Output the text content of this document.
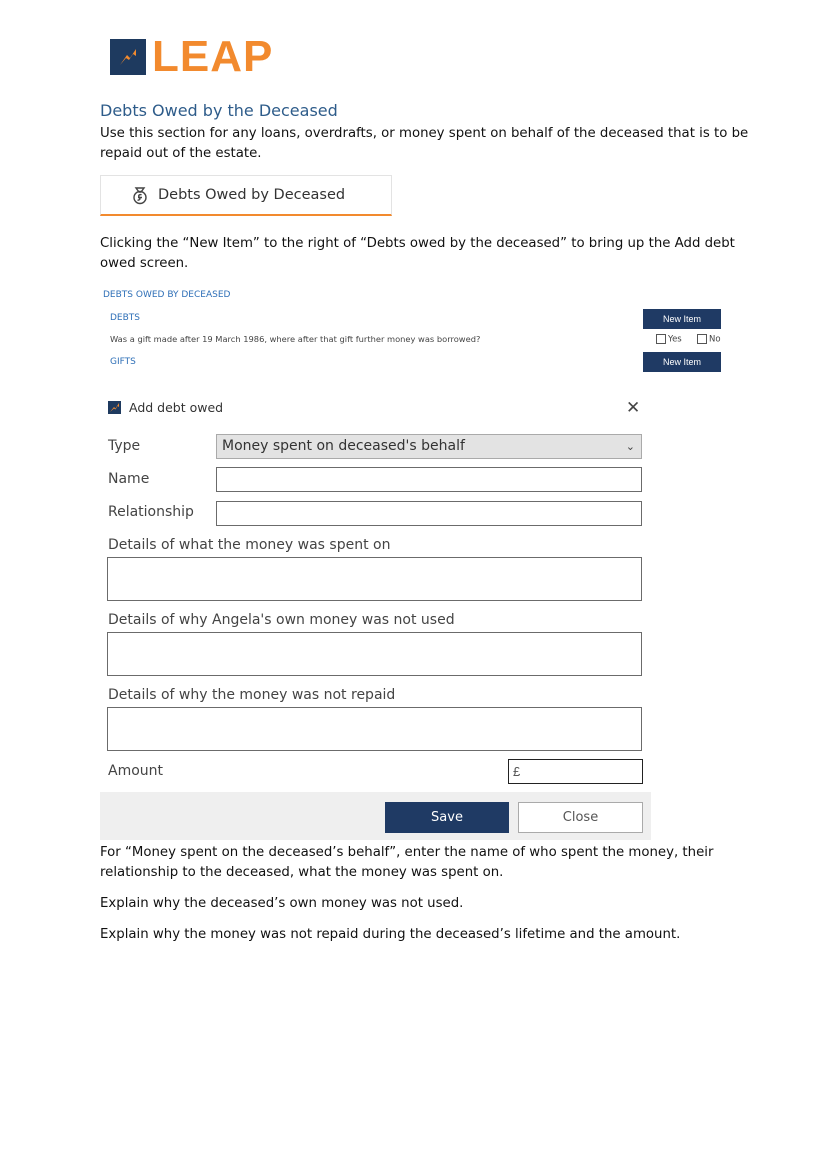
LEAP
Debts Owed by the Deceased
Use this section for any loans, overdrafts, or money spent on behalf of the deceased that is to be
repaid out of the estate.
Debts Owed by Deceased
Clicking the “New Item” to the right of “Debts owed by the deceased” to bring up the Add debt
owed screen.
DEBTS OWED BY DECEASED
DEBTS	New Item
Was a gift made after 19 March 1986, where after that gift further money was borrowed?	Yes	No
GIFTS	New Item
Add debt owed	✕
Type	Money spent on deceased's behalf	⌄
Name
Relationship
Details of what the money was spent on
Details of why Angela's own money was not used
Details of why the money was not repaid
Amount	£
Save	Close
For “Money spent on the deceased’s behalf”, enter the name of who spent the money, their
relationship to the deceased, what the money was spent on.
Explain why the deceased’s own money was not used.
Explain why the money was not repaid during the deceased’s lifetime and the amount.
